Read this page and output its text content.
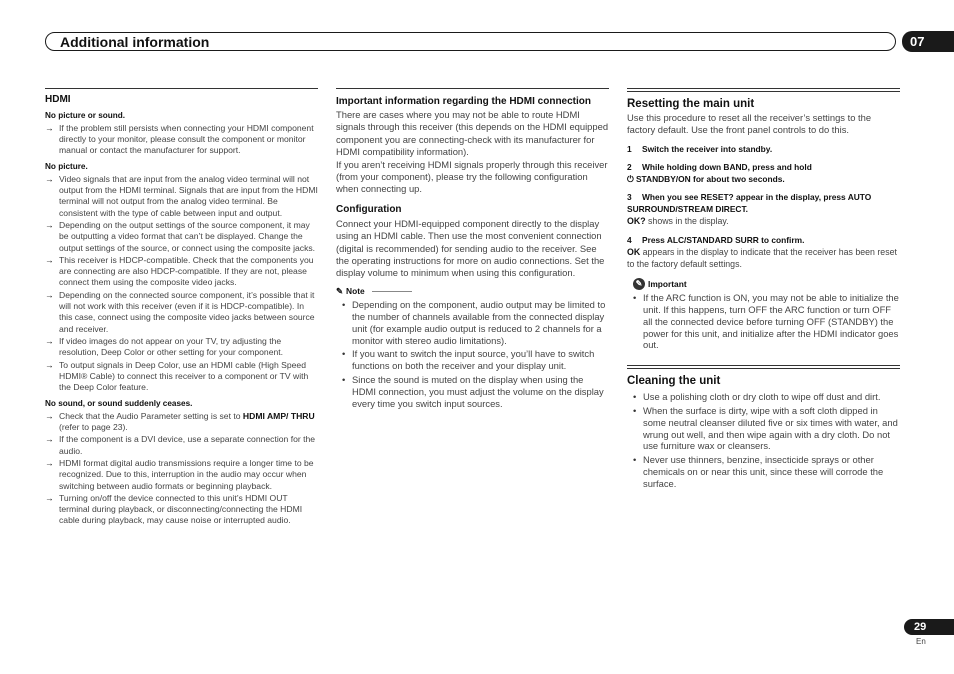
Additional information	07
HDMI
No picture or sound.
→ If the problem still persists when connecting your HDMI component directly to your monitor, please consult the component or monitor manual or contact the manufacturer for support.
No picture.
→ Video signals that are input from the analog video terminal will not output from the HDMI terminal. Signals that are input from the HDMI terminal will not output from the analog video terminal. Be consistent with the type of cable between input and output.
→ Depending on the output settings of the source component, it may be outputting a video format that can’t be displayed. Change the output settings of the source, or connect using the composite jacks.
→ This receiver is HDCP-compatible. Check that the components you are connecting are also HDCP-compatible. If they are not, please connect them using the composite video jacks.
→ Depending on the connected source component, it’s possible that it will not work with this receiver (even if it is HDCP-compatible). In this case, connect using the composite video jacks between source and receiver.
→ If video images do not appear on your TV, try adjusting the resolution, Deep Color or other setting for your component.
→ To output signals in Deep Color, use an HDMI cable (High Speed HDMI® Cable) to connect this receiver to a component or TV with the Deep Color feature.
No sound, or sound suddenly ceases.
→ Check that the Audio Parameter setting is set to HDMI AMP/ THRU (refer to page 23).
→ If the component is a DVI device, use a separate connection for the audio.
→ HDMI format digital audio transmissions require a longer time to be recognized. Due to this, interruption in the audio may occur when switching between audio formats or beginning playback.
→ Turning on/off the device connected to this unit’s HDMI OUT terminal during playback, or disconnecting/connecting the HDMI cable during playback, may cause noise or interrupted audio.
Important information regarding the HDMI connection
There are cases where you may not be able to route HDMI signals through this receiver (this depends on the HDMI equipped component you are connecting-check with its manufacturer for HDMI compatibility information).
If you aren’t receiving HDMI signals properly through this receiver (from your component), please try the following configuration when connecting up.
Configuration
Connect your HDMI-equipped component directly to the display using an HDMI cable. Then use the most convenient connection (digital is recommended) for sending audio to the receiver. See the operating instructions for more on audio connections. Set the display volume to minimum when using this configuration.
✎ Note
• Depending on the component, audio output may be limited to the number of channels available from the connected display unit (for example audio output is reduced to 2 channels for a monitor with stereo audio limitations).
• If you want to switch the input source, you’ll have to switch functions on both the receiver and your display unit.
• Since the sound is muted on the display when using the HDMI connection, you must adjust the volume on the display every time you switch input sources.
Resetting the main unit
Use this procedure to reset all the receiver’s settings to the factory default. Use the front panel controls to do this.
1 Switch the receiver into standby.
2 While holding down BAND, press and hold
⏻ STANDBY/ON for about two seconds.
3 When you see RESET? appear in the display, press AUTO SURROUND/STREAM DIRECT.
OK? shows in the display.
4 Press ALC/STANDARD SURR to confirm.
OK appears in the display to indicate that the receiver has been reset to the factory default settings.
✎ Important
• If the ARC function is ON, you may not be able to initialize the unit. If this happens, turn OFF the ARC function or turn OFF all the connected device before turning OFF (STANDBY) the power for this unit, and initialize after the HDMI indicator goes out.
Cleaning the unit
• Use a polishing cloth or dry cloth to wipe off dust and dirt.
• When the surface is dirty, wipe with a soft cloth dipped in some neutral cleanser diluted five or six times with water, and wrung out well, and then wipe again with a dry cloth. Do not use furniture wax or cleansers.
• Never use thinners, benzine, insecticide sprays or other chemicals on or near this unit, since these will corrode the surface.
29
En
